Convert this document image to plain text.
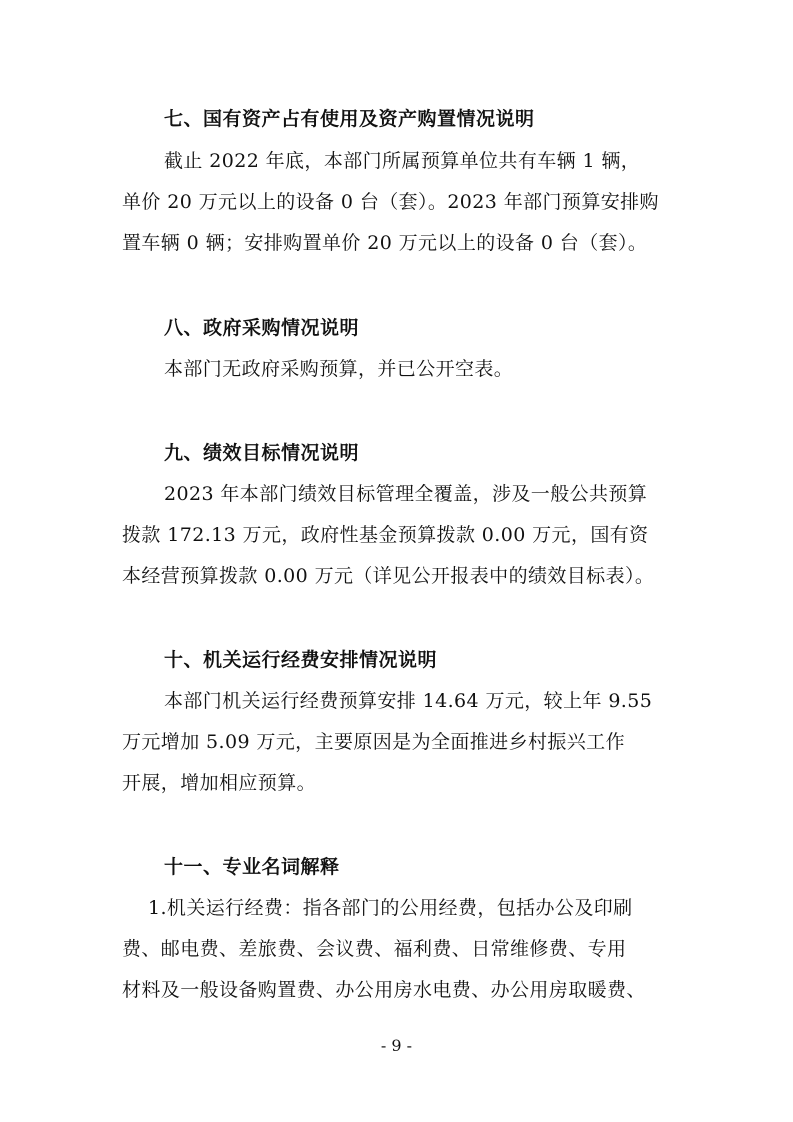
七、国有资产占有使用及资产购置情况说明
截止 2022 年底，本部门所属预算单位共有车辆 1 辆，
单价 20 万元以上的设备 0 台（套）。2023 年部门预算安排购
置车辆 0 辆；安排购置单价 20 万元以上的设备 0 台（套）。
八、政府采购情况说明
本部门无政府采购预算，并已公开空表。
九、绩效目标情况说明
2023 年本部门绩效目标管理全覆盖，涉及一般公共预算
拨款 172.13 万元，政府性基金预算拨款 0.00 万元，国有资
本经营预算拨款 0.00 万元（详见公开报表中的绩效目标表）。
十、机关运行经费安排情况说明
本部门机关运行经费预算安排 14.64 万元，较上年 9.55
万元增加 5.09 万元，主要原因是为全面推进乡村振兴工作
开展，增加相应预算。
十一、专业名词解释
1.机关运行经费：指各部门的公用经费，包括办公及印刷
费、邮电费、差旅费、会议费、福利费、日常维修费、专用
材料及一般设备购置费、办公用房水电费、办公用房取暖费、
- 9 -
